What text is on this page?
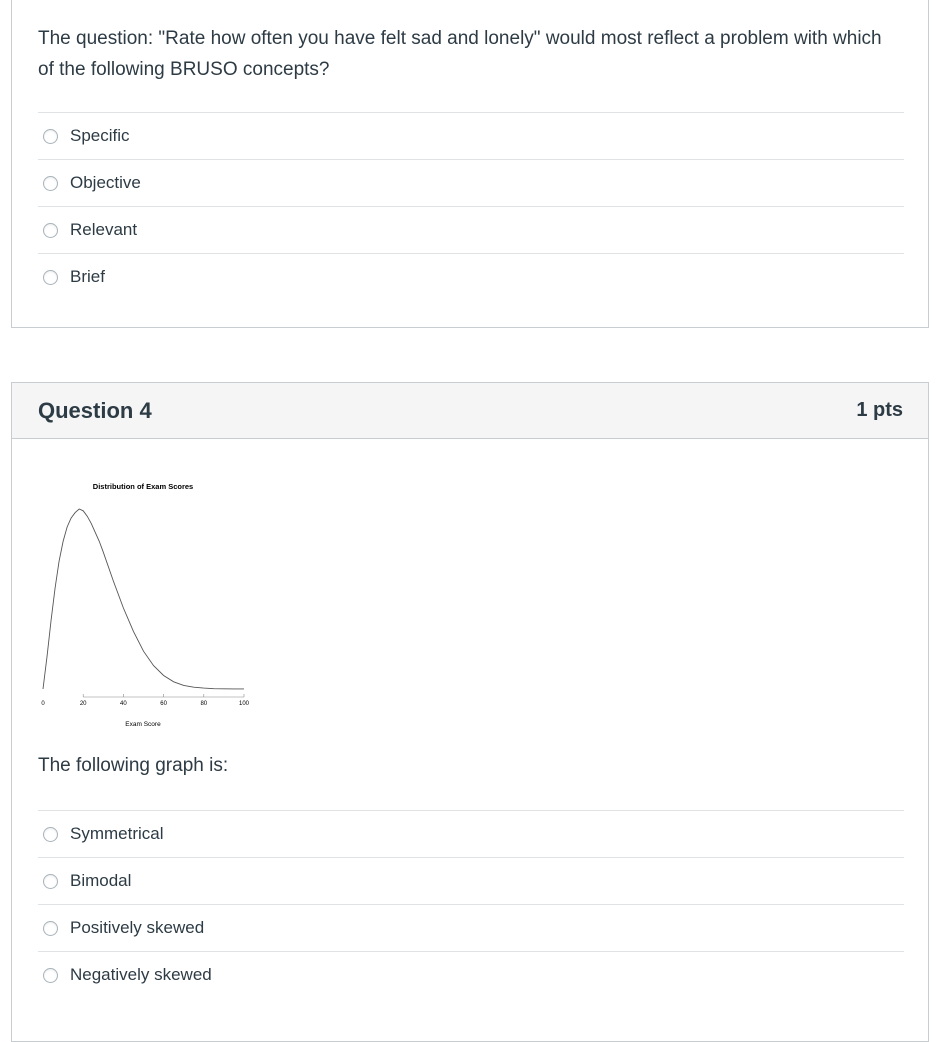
The question: "Rate how often you have felt sad and lonely" would most reflect a problem with which of the following BRUSO concepts?
Specific
Objective
Relevant
Brief
Question 4	1 pts
Distribution of Exam Scores
0	20	40	60	80	100
Exam Score
The following graph is:
Symmetrical
Bimodal
Positively skewed
Negatively skewed
